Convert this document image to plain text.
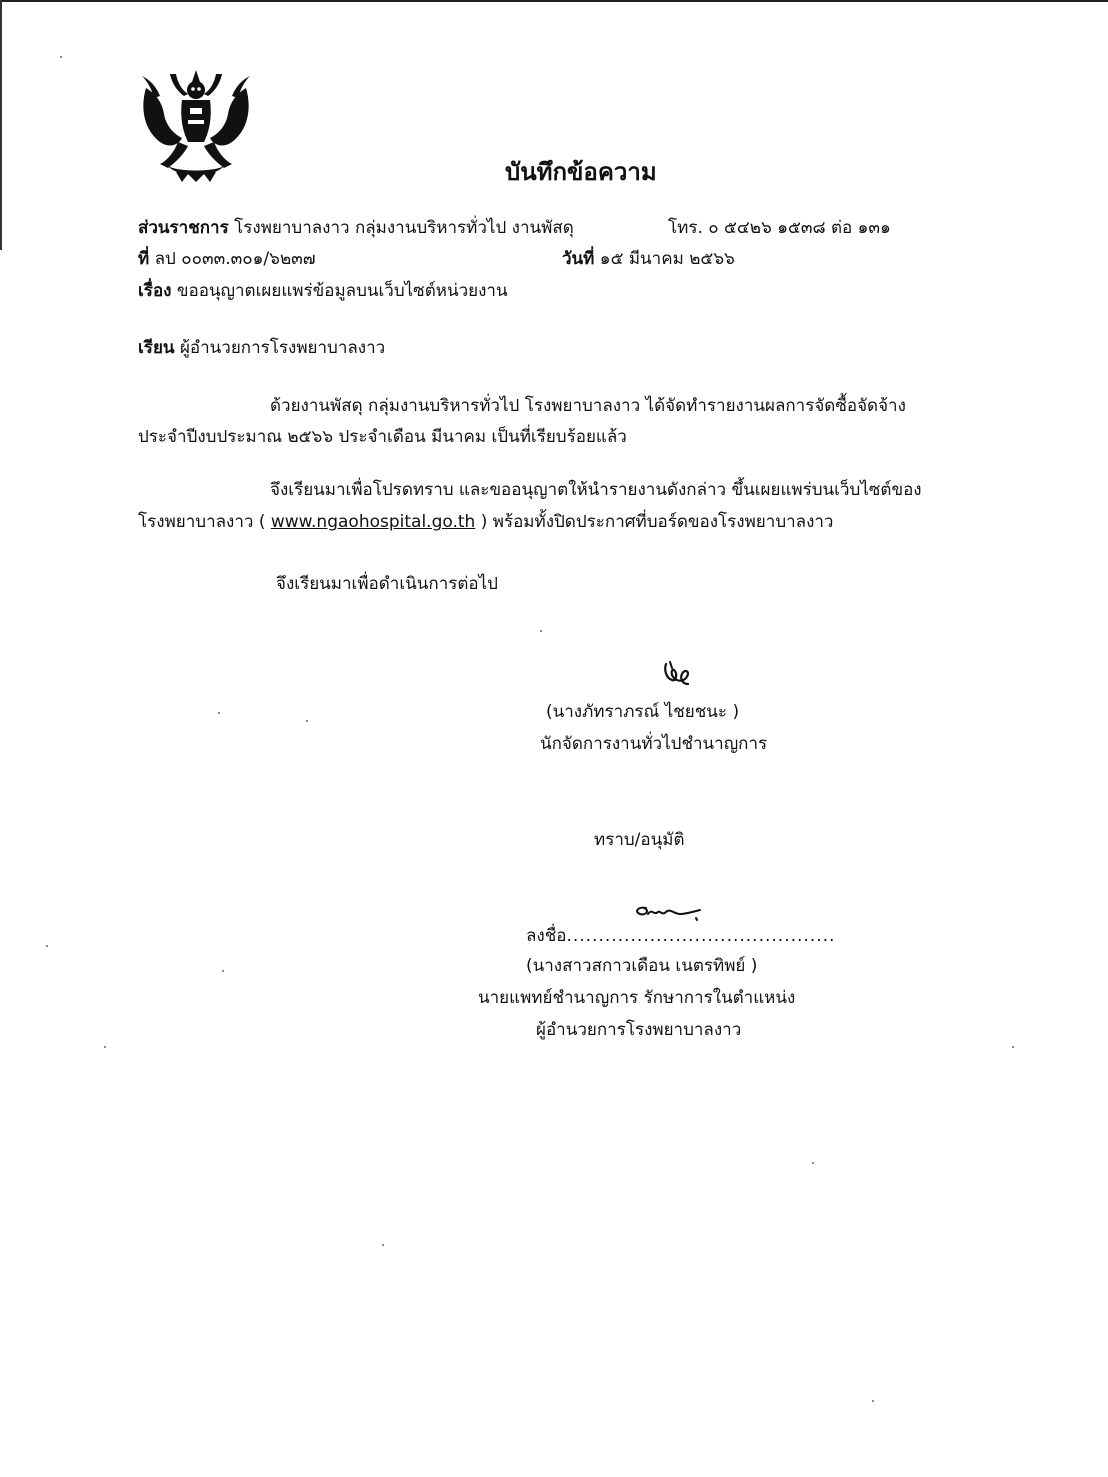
บันทึกข้อความ
ส่วนราชการ โรงพยาบาลงาว กลุ่มงานบริหารทั่วไป งานพัสดุ	โทร. ๐ ๕๔๒๖ ๑๕๓๘ ต่อ ๑๓๑
ที่ ลป ๐๐๓๓.๓๐๑/๖๒๓๗	วันที่ ๑๕ มีนาคม ๒๕๖๖
เรื่อง ขออนุญาตเผยแพร่ข้อมูลบนเว็บไซต์หน่วยงาน
เรียน ผู้อำนวยการโรงพยาบาลงาว
ด้วยงานพัสดุ กลุ่มงานบริหารทั่วไป โรงพยาบาลงาว ได้จัดทำรายงานผลการจัดซื้อจัดจ้าง
ประจำปีงบประมาณ ๒๕๖๖ ประจำเดือน มีนาคม เป็นที่เรียบร้อยแล้ว
จึงเรียนมาเพื่อโปรดทราบ และขออนุญาตให้นำรายงานดังกล่าว ขึ้นเผยแพร่บนเว็บไซต์ของ
โรงพยาบาลงาว ( www.ngaohospital.go.th ) พร้อมทั้งปิดประกาศที่บอร์ดของโรงพยาบาลงาว
จึงเรียนมาเพื่อดำเนินการต่อไป
(นางภัทราภรณ์ ไชยชนะ )
นักจัดการงานทั่วไปชำนาญการ
ทราบ/อนุมัติ
ลงชื่อ..........................................
(นางสาวสกาวเดือน เนตรทิพย์ )
นายแพทย์ชำนาญการ รักษาการในตำแหน่ง
ผู้อำนวยการโรงพยาบาลงาว
